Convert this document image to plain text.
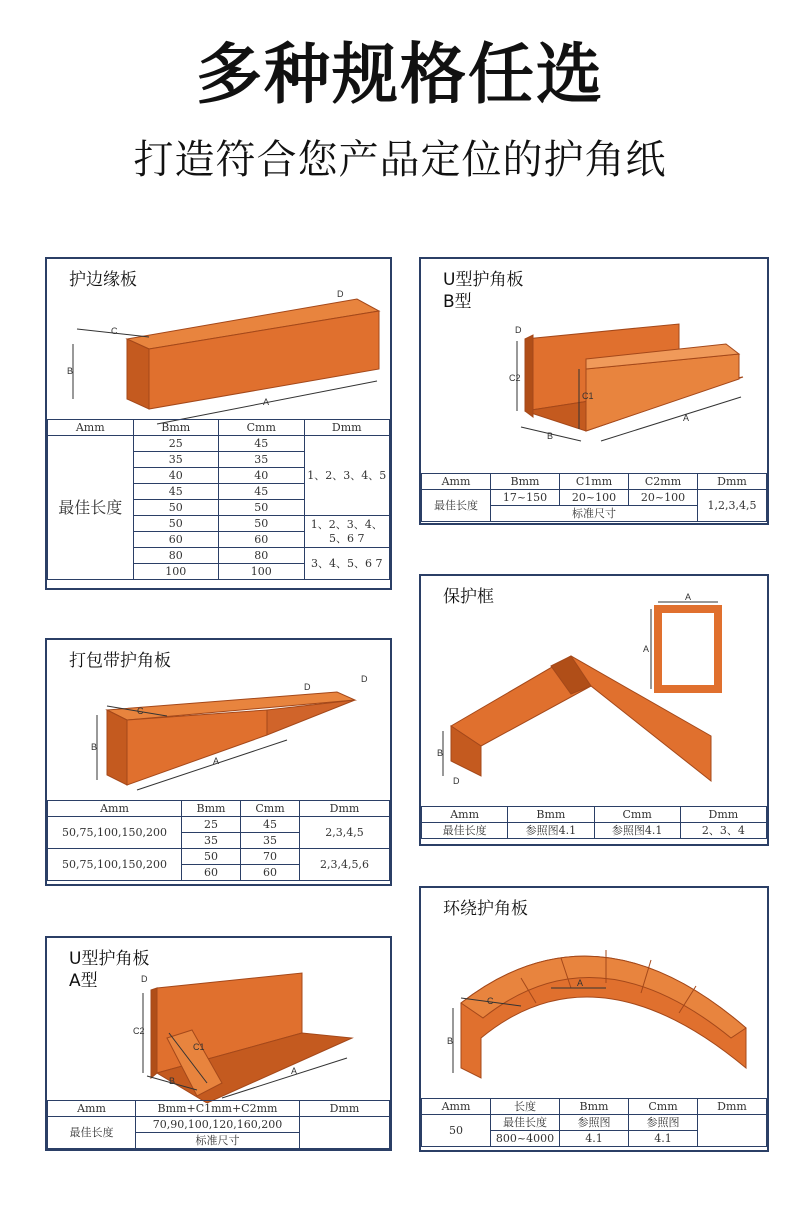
多种规格任选
打造符合您产品定位的护角纸
B
C
A
D
护边缘板
Amm	Bmm	Cmm	Dmm
最佳长度	25	45	1、2、3、4、5
	35	35	
	40	40	
	45	45	
	50	50	
	50	50	1、2、3、4、5、6 7
	60	60	
	80	80	3、4、5、6 7
	100	100	
C2
C1
B
A
D
U型护角板
B型
Amm	Bmm	C1mm	C2mm	Dmm
最佳长度	17~150	20~100	20~100	1,2,3,4,5
	标准尺寸			
B
C
A
D
D
打包带护角板
Amm	Bmm	Cmm	Dmm
50,75,100,150,200	25	45	2,3,4,5
	35	35	
50,75,100,150,200	50	70	2,3,4,5,6
	60	60	
A
A
B
D
保护框
Amm	Bmm	Cmm	Dmm
最佳长度	参照图4.1	参照图4.1	2、3、4
C2
C1
B
A
D
U型护角板
A型
Amm	Bmm+C1mm+C2mm	Dmm
最佳长度	70,90,100,120,160,200	
	标准尺寸	
B
C
A
环绕护角板
Amm	长度	Bmm	Cmm	Dmm
50	最佳长度	参照图	参照图	
	800~4000	4.1	4.1	
